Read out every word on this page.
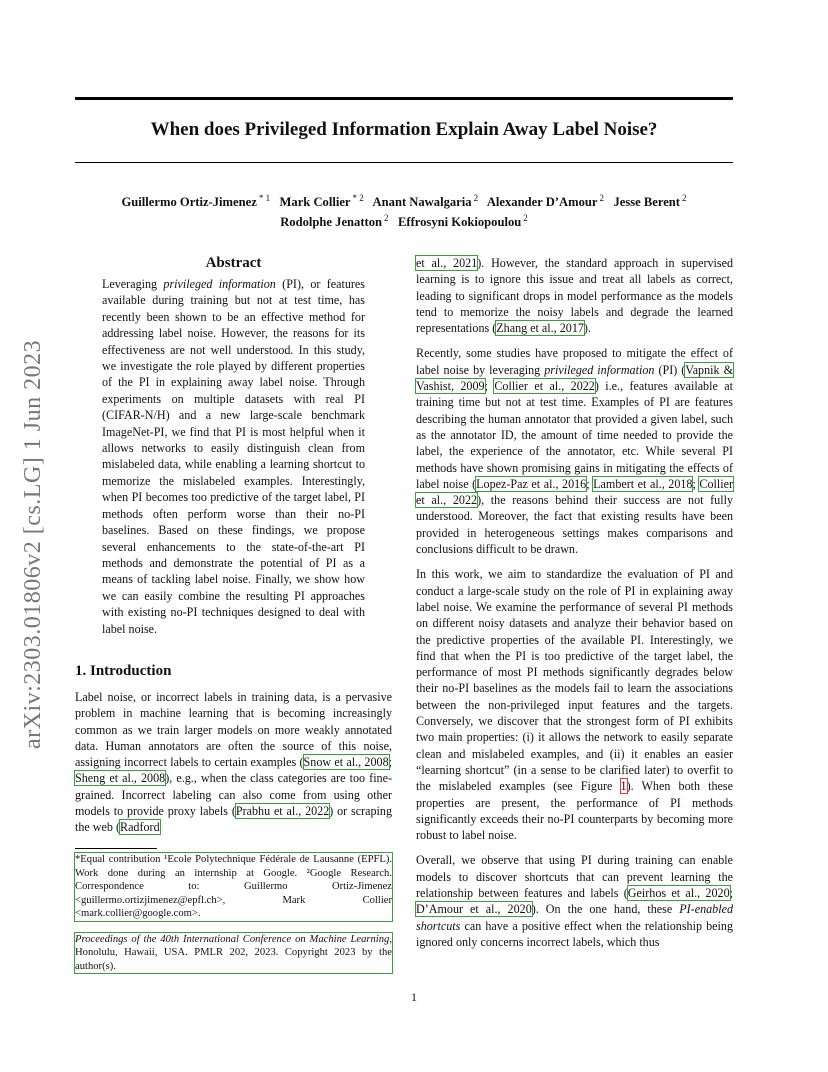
arXiv:2303.01806v2 [cs.LG] 1 Jun 2023
When does Privileged Information Explain Away Label Noise?
Guillermo Ortiz-Jimenez $^{* 1}$ Mark Collier $^{* 2}$ Anant Nawalgaria $^2$ Alexander D’Amour $^2$ Jesse Berent $^2$
Rodolphe Jenatton $^2$ Effrosyni Kokiopoulou $^2$
Abstract
Leveraging privileged information (PI), or features available during training but not at test time, has recently been shown to be an effective method for addressing label noise. However, the reasons for its effectiveness are not well understood. In this study, we investigate the role played by different properties of the PI in explaining away label noise. Through experiments on multiple datasets with real PI (CIFAR-N/H) and a new large-scale benchmark ImageNet-PI, we find that PI is most helpful when it allows networks to easily distinguish clean from mislabeled data, while enabling a learning shortcut to memorize the mislabeled examples. Interestingly, when PI becomes too predictive of the target label, PI methods often perform worse than their no-PI baselines. Based on these findings, we propose several enhancements to the state-of-the-art PI methods and demonstrate the potential of PI as a means of tackling label noise. Finally, we show how we can easily combine the resulting PI approaches with existing no-PI techniques designed to deal with label noise.
1. Introduction

Label noise, or incorrect labels in training data, is a pervasive problem in machine learning that is becoming increasingly common as we train larger models on more weakly annotated data. Human annotators are often the source of this noise, assigning incorrect labels to certain examples (Snow et al., 2008; Sheng et al., 2008), e.g., when the class categories are too fine-grained. Incorrect labeling can also come from using other models to provide proxy labels (Prabhu et al., 2022) or scraping the web (Radford

*Equal contribution ¹Ecole Polytechnique Fédérale de Lausanne (EPFL). Work done during an internship at Google. ²Google Research. Correspondence to: Guillermo Ortiz-Jimenez <guillermo.ortizjimenez@epfl.ch>, Mark Collier <mark.collier@google.com>.
Proceedings of the 40th International Conference on Machine Learning, Honolulu, Hawaii, USA. PMLR 202, 2023. Copyright 2023 by the author(s).

et al., 2021). However, the standard approach in supervised learning is to ignore this issue and treat all labels as correct, leading to significant drops in model performance as the models tend to memorize the noisy labels and degrade the learned representations (Zhang et al., 2017).

Recently, some studies have proposed to mitigate the effect of label noise by leveraging privileged information (PI) (Vapnik & Vashist, 2009; Collier et al., 2022) i.e., features available at training time but not at test time. Examples of PI are features describing the human annotator that provided a given label, such as the annotator ID, the amount of time needed to provide the label, the experience of the annotator, etc. While several PI methods have shown promising gains in mitigating the effects of label noise (Lopez-Paz et al., 2016; Lambert et al., 2018; Collier et al., 2022), the reasons behind their success are not fully understood. Moreover, the fact that existing results have been provided in heterogeneous settings makes comparisons and conclusions difficult to be drawn.

In this work, we aim to standardize the evaluation of PI and conduct a large-scale study on the role of PI in explaining away label noise. We examine the performance of several PI methods on different noisy datasets and analyze their behavior based on the predictive properties of the available PI. Interestingly, we find that when the PI is too predictive of the target label, the performance of most PI methods significantly degrades below their no-PI baselines as the models fail to learn the associations between the non-privileged input features and the targets. Conversely, we discover that the strongest form of PI exhibits two main properties: (i) it allows the network to easily separate clean and mislabeled examples, and (ii) it enables an easier “learning shortcut” (in a sense to be clarified later) to overfit to the mislabeled examples (see Figure 1). When both these properties are present, the performance of PI methods significantly exceeds their no-PI counterparts by becoming more robust to label noise.

Overall, we observe that using PI during training can enable models to discover shortcuts that can prevent learning the relationship between features and labels (Geirhos et al., 2020; D’Amour et al., 2020). On the one hand, these PI-enabled shortcuts can have a positive effect when the relationship being ignored only concerns incorrect labels, which thus

1
